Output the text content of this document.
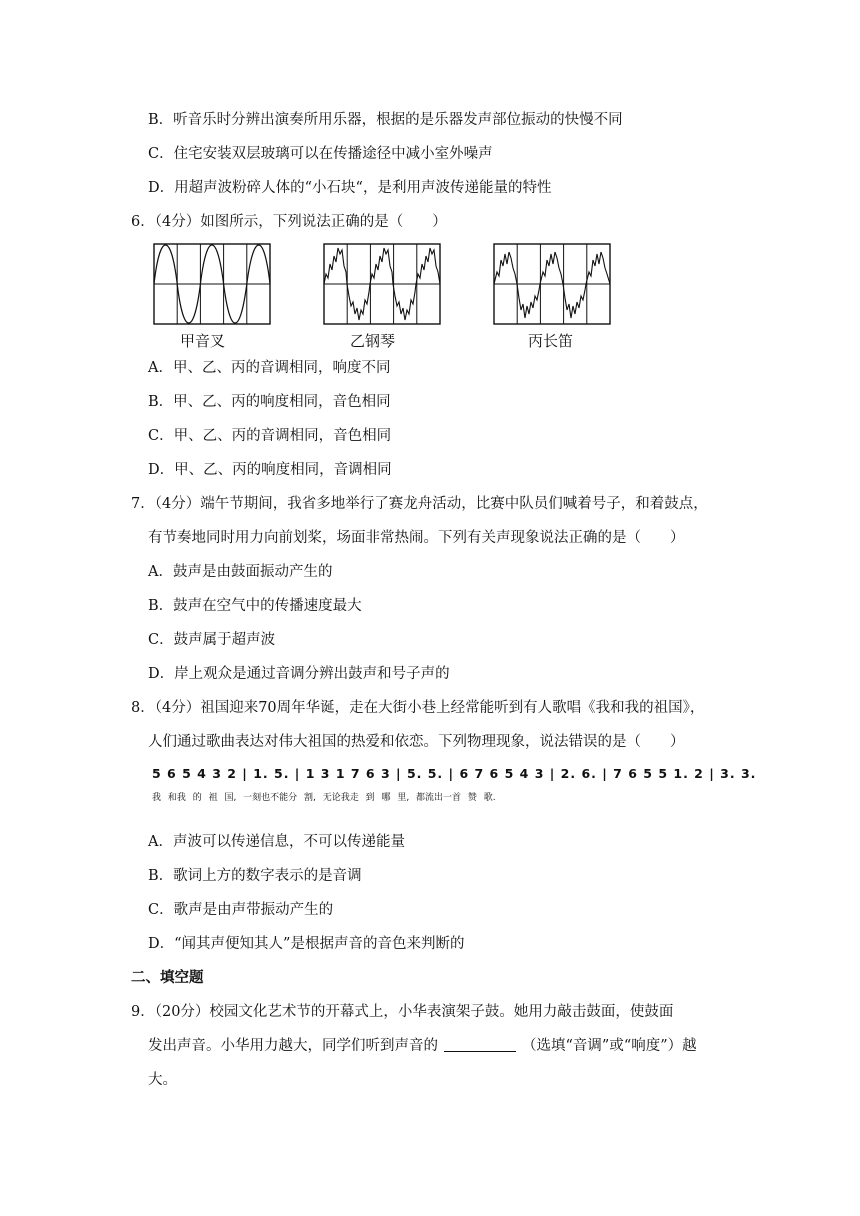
B．听音乐时分辨出演奏所用乐器，根据的是乐器发声部位振动的快慢不同
C．住宅安装双层玻璃可以在传播途径中减小室外噪声
D．用超声波粉碎人体的“小石块“，是利用声波传递能量的特性
6．（4分）如图所示，下列说法正确的是（　　）
甲音叉	乙钢琴	丙长笛
A．甲、乙、丙的音调相同，响度不同
B．甲、乙、丙的响度相同，音色相同
C．甲、乙、丙的音调相同，音色相同
D．甲、乙、丙的响度相同，音调相同
7．（4分）端午节期间，我省多地举行了赛龙舟活动，比赛中队员们喊着号子，和着鼓点，
有节奏地同时用力向前划桨，场面非常热闹。下列有关声现象说法正确的是（　　）
A．鼓声是由鼓面振动产生的
B．鼓声在空气中的传播速度最大
C．鼓声属于超声波
D．岸上观众是通过音调分辨出鼓声和号子声的
8．（4分）祖国迎来70周年华诞，走在大街小巷上经常能听到有人歌唱《我和我的祖国》，
人们通过歌曲表达对伟大祖国的热爱和依恋。下列物理现象，说法错误的是（　　）
5 6 5 4 3 2 | 1. 5. | 1 3 1 7 6 3 | 5. 5. | 6 7 6 5 4 3 | 2. 6. | 7 6 5 5 1. 2 | 3. 3.
我 和我 的 祖 国, 一刻也不能分 割, 无论我走 到 哪 里, 都流出一首 赞 歌.
A．声波可以传递信息，不可以传递能量
B．歌词上方的数字表示的是音调
C．歌声是由声带振动产生的
D．“闻其声便知其人”是根据声音的音色来判断的
二、填空题
9．（20分）校园文化艺术节的开幕式上，小华表演架子鼓。她用力敲击鼓面，使鼓面
发出声音。小华用力越大，同学们听到声音的	（选填“音调”或“响度”）越
大。
